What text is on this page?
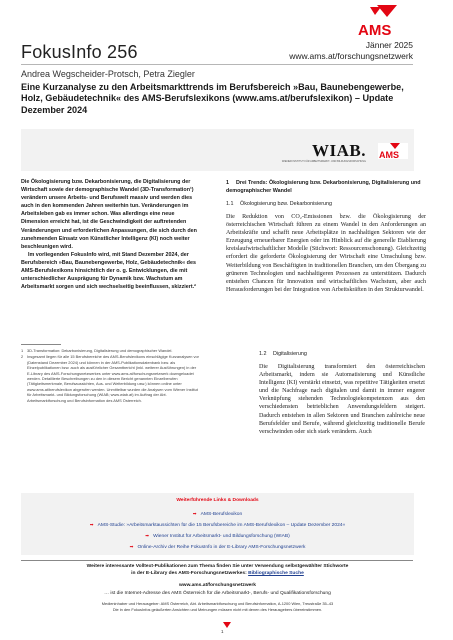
AMS
FokusInfo 256	Jänner 2025
www.ams.at/forschungsnetzwerk
Andrea Wegscheider-Protsch, Petra Ziegler
Eine Kurzanalyse zu den Arbeitsmarkttrends im Berufsbereich »Bau, Baunebengewerbe, Holz, Gebäudetechnik« des AMS-Berufslexikons (www.ams.at/berufslexikon) – Update Dezember 2024
WIAB.
WIENER INSTITUT FÜR ARBEITSMARKT- UND BILDUNGSFORSCHUNG
AMS

Die Ökologisierung bzw. Dekarbonisierung, die Digitalisierung der Wirtschaft sowie der demographische Wandel (3D-Transformation¹) verändern unsere Arbeits- und Berufswelt massiv und werden dies auch in den kommenden Jahren weiterhin tun. Veränderungen im Arbeitsleben gab es immer schon. Was allerdings eine neue Dimension erreicht hat, ist die Geschwindigkeit der auftretenden Veränderungen und erforderlichen Anpassungen, die sich durch den zunehmenden Einsatz von Künstlicher Intelligenz (KI) noch weiter beschleunigen wird.

Im vorliegenden FokusInfo wird, mit Stand Dezember 2024, der Berufsbereich »Bau, Baunebengewerbe, Holz, Gebäudetechnik« des AMS-Berufslexikons hinsichtlich der o. g. Entwicklungen, die mit unterschiedlicher Ausprägung für Dynamik bzw. Wachstum am Arbeitsmarkt sorgen und sich wechselseitig beeinflussen, skizziert.²

1 3D-Transformation: Dekarbonisierung, Digitalisierung und demographischer Wandel.
2 Insgesamt liegen für alle 15 Berufsbereiche des AMS-Berufslexikons einschlägige Kurzanalysen vor (Datenstand Dezember 2024) und können in der AMS-Publikationsdatenbank bzw. als Einzelpublikationen bzw. auch als ausführlicher Gesamtbericht (inkl. weiterer Ausführungen) in der E-Library des AMS-Forschungsnetzwerkes unter www.ams.at/forschungsnetzwerk downgeloadet werden. Detaillierte Beschreibungen zu den in diesem Bericht genannten Einzelberufen (Tätigkeitsmerkmale, Berufsaussichten, Aus- und Weiterbildung usw.) können online unter www.ams.at/berufslexikon abgerufen werden. Unmittelbar wurden die Analysen vom Wiener Institut für Arbeitsmarkt- und Bildungsforschung (WIAB; www.wiab.at) im Auftrag der Abt. Arbeitsmarktforschung und Berufsinformation des AMS Österreich.
1 Drei Trends: Ökologisierung bzw. Dekarbonisierung, Digitalisierung und demographischer Wandel
1.1 Ökologisierung bzw. Dekarbonisierung
Die Reduktion von CO₂-Emissionen bzw. die Ökologisierung der österreichischen Wirtschaft führen zu einem Wandel in den Anforderungen an Arbeitskräfte und schafft neue Arbeitsplätze in nachhaltigen Sektoren wie der Erzeugung erneuerbarer Energien oder im Hinblick auf die generelle Etablierung kreislaufwirtschaftlicher Modelle (Stichwort: Ressourcenschonung). Gleichzeitig erfordert die geforderte Ökologisierung der Wirtschaft eine Umschulung bzw. Weiterbildung von Beschäftigten in traditionellen Branchen, um den Übergang zu grüneren Technologien und nachhaltigeren Prozessen zu unterstützen. Dadurch entstehen Chancen für Innovation und wirtschaftliches Wachstum, aber auch Herausforderungen bei der Integration von Arbeitskräften in den Strukturwandel.
1.2 Digitalisierung
Die Digitalisierung transformiert den österreichischen Arbeitsmarkt, indem sie Automatisierung und Künstliche Intelligenz (KI) verstärkt einsetzt, was repetitive Tätigkeiten ersetzt und die Nachfrage nach digitalen und damit in immer engerer Verknüpfung stehenden Technologiekompetenzen aus den verschiedensten betrieblichen Anwendungsfeldern steigert. Dadurch entstehen in allen Sektoren und Branchen zahlreiche neue Berufsfelder und Berufe, während gleichzeitig traditionelle Berufe verschwinden oder sich stark verändern. Auch
Weiterführende Links & Downloads
➡ AMS-Berufslexikon
➡ AMS-Studie: »Arbeitsmarktaussichten für die 15 Berufsbereiche im AMS-Berufslexikon – Update Dezember 2024«
➡ Wiener Institut für Arbeitsmarkt- und Bildungsforschung (WIAB)
➡ Online-Archiv der Reihe FokusInfo in der E-Library AMS-Forschungsnetzwerk
Weitere interessante Volltext-Publikationen zum Thema finden Sie unter Verwendung selbstgewählter Stichworte
in der E-Library des AMS-Forschungsnetzwerkes: Bibliographische Suche
www.ams.at/forschungsnetzwerk
… ist die Internet-Adresse des AMS Österreich für die Arbeitsmarkt-, Berufs- und Qualifikationsforschung
Medieninhaber und Herausgeber: AMS Österreich, Abt. Arbeitsmarktforschung und Berufsinformation, A-1200 Wien, Treustraße 35–43
Die in den FokusInfos geäußerten Ansichten und Meinungen müssen nicht mit denen des Herausgebers übereinstimmen.
1
